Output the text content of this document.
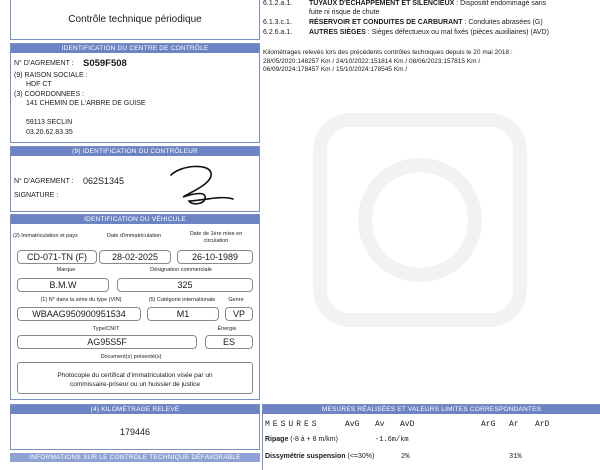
Contrôle technique périodique
IDENTIFICATION DU CENTRE DE CONTRÔLE
N° D'AGREMENT : S059F508
(9) RAISON SOCIALE :
HDF CT
(3) COORDONNEES :
141 CHEMIN DE L'ARBRE DE GUISE
59113 SECLIN
03.20.62.83.35
(9) IDENTIFICATION DU CONTRÔLEUR
N° D'AGREMENT : 062S1345
SIGNATURE :
IDENTIFICATION DU VÉHICULE
(2) Immatriculation et pays	Date d'immatriculation	Date de 1ère mise en circulation
CD-071-TN (F)	28-02-2025	26-10-1989
Marque	Désignation commerciale
B.M.W	325
(1) N° dans la série du type (VIN)	(5) Catégorie internationale	Genre
WBAAG950900951534	M1	VP
Type/CNIT	Énergie
AG95S5F	ES
Document(s) présenté(s)
Photocopie du certificat d'immatriculation visée par un
commissaire-priseur ou un huissier de justice
(4) KILOMÉTRAGE RELEVÉ
179446
INFORMATIONS SUR LE CONTRÔLE TECHNIQUE DÉFAVORABLE
6.1.2.a.1. TUYAUX D'ÉCHAPPEMENT ET SILENCIEUX : Dispositif endommagé sans
fuite ni risque de chute
6.1.3.c.1. RÉSERVOIR ET CONDUITES DE CARBURANT : Conduites abrasées (G)
6.2.6.a.1. AUTRES SIÈGES : Sièges défectueux ou mal fixés (pièces auxiliaires) (AVD)
Kilométrages relevés lors des précédents contrôles techniques depuis le 20 mai 2018 :
28/05/2020:148257 Km / 24/10/2022:151814 Km / 08/06/2023:157815 Km /
06/09/2024:178457 Km / 15/10/2024:178545 Km /
MESURES RÉALISÉES ET VALEURS LIMITES CORRESPONDANTES
MESURES	AvG Av AvD	ArG Ar ArD
Ripage (-8 à + 8 m/km)	-1.6m/km
Dissymétrie suspension (<=30%)	2%	31%
